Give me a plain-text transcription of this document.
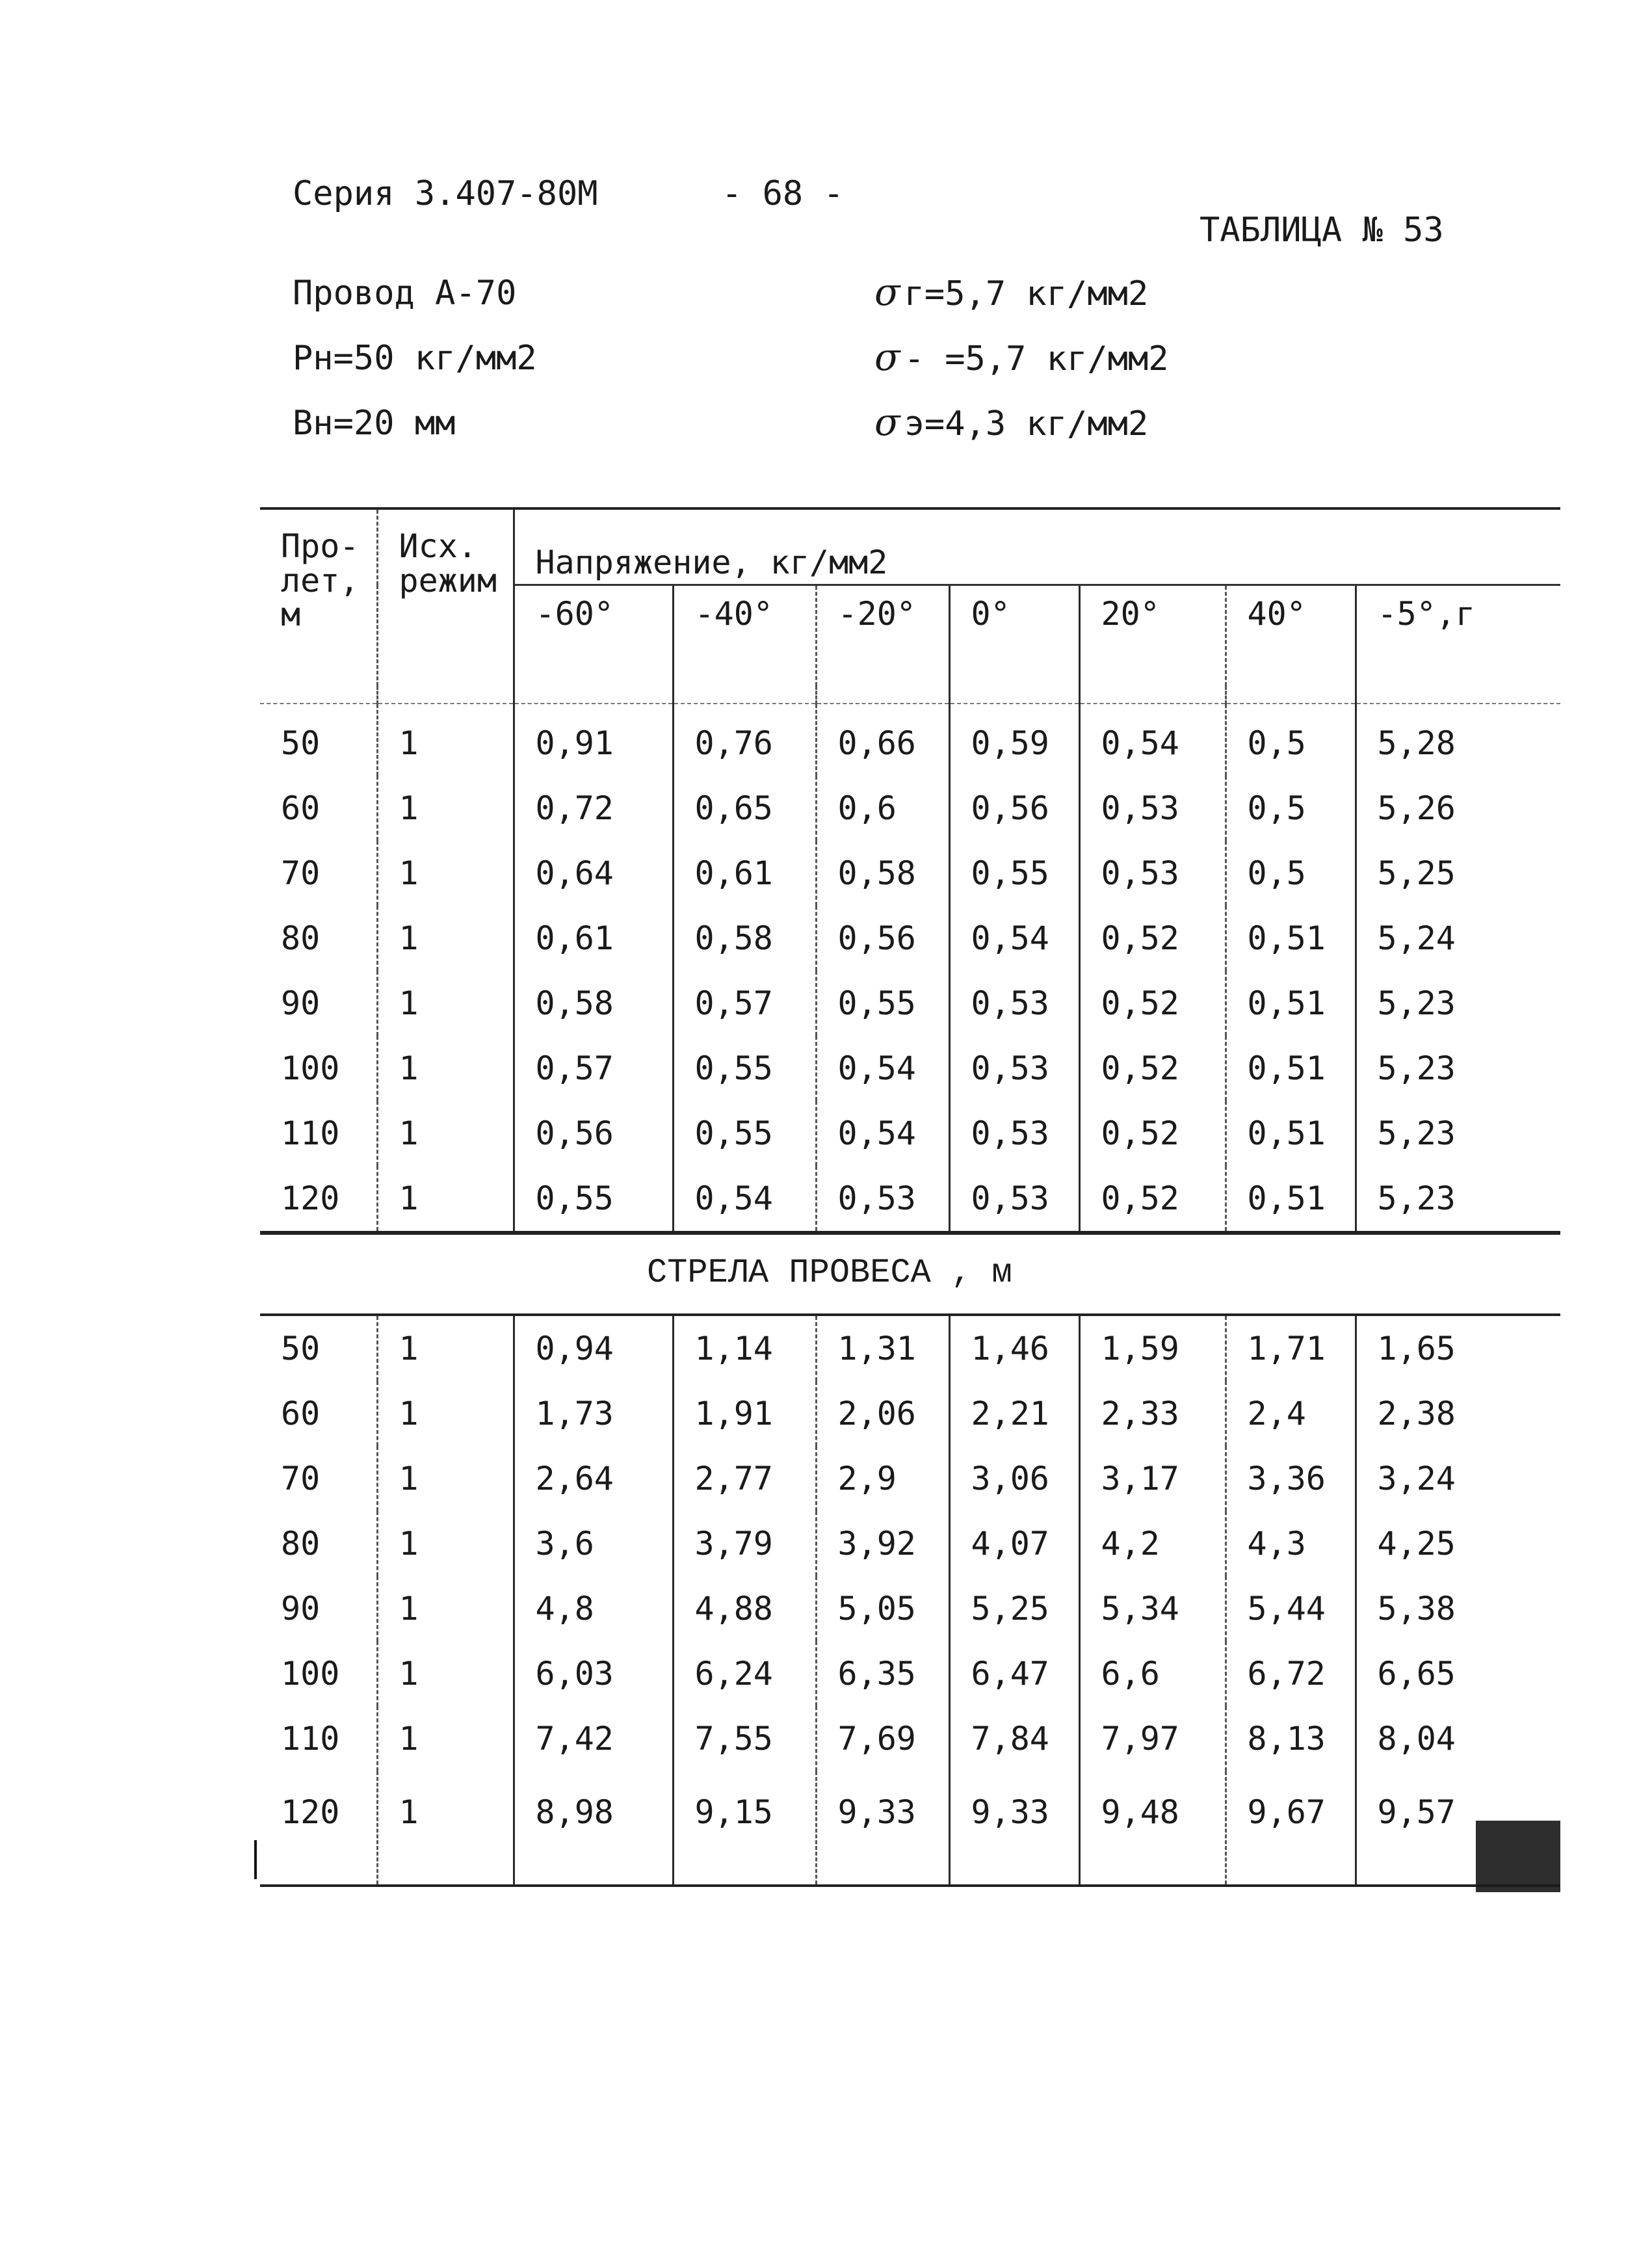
Серия 3.407-80М	- 68 -
ТАБЛИЦА № 53
Провод А-70
Рн=50 кг/мм2
Вн=20 мм
σ г=5,7 кг/мм2
σ - =5,7 кг/мм2
σ э=4,3 кг/мм2
Про- лет, м	Исх. режим	Напряжение, кг/мм2						
		-60°	-40°	-20°	0°	20°	40°	-5°,г

50	1	0,91	0,76	0,66	0,59	0,54	0,5	5,28
60	1	0,72	0,65	0,6	0,56	0,53	0,5	5,26
70	1	0,64	0,61	0,58	0,55	0,53	0,5	5,25
80	1	0,61	0,58	0,56	0,54	0,52	0,51	5,24
90	1	0,58	0,57	0,55	0,53	0,52	0,51	5,23
100	1	0,57	0,55	0,54	0,53	0,52	0,51	5,23
110	1	0,56	0,55	0,54	0,53	0,52	0,51	5,23
120	1	0,55	0,54	0,53	0,53	0,52	0,51	5,23
СТРЕЛА ПРОВЕСА , м
50	1	0,94	1,14	1,31	1,46	1,59	1,71	1,65
60	1	1,73	1,91	2,06	2,21	2,33	2,4	2,38
70	1	2,64	2,77	2,9	3,06	3,17	3,36	3,24
80	1	3,6	3,79	3,92	4,07	4,2	4,3	4,25
90	1	4,8	4,88	5,05	5,25	5,34	5,44	5,38
100	1	6,03	6,24	6,35	6,47	6,6	6,72	6,65
110	1	7,42	7,55	7,69	7,84	7,97	8,13	8,04
120	1	8,98	9,15	9,33	9,33	9,48	9,67	9,57
